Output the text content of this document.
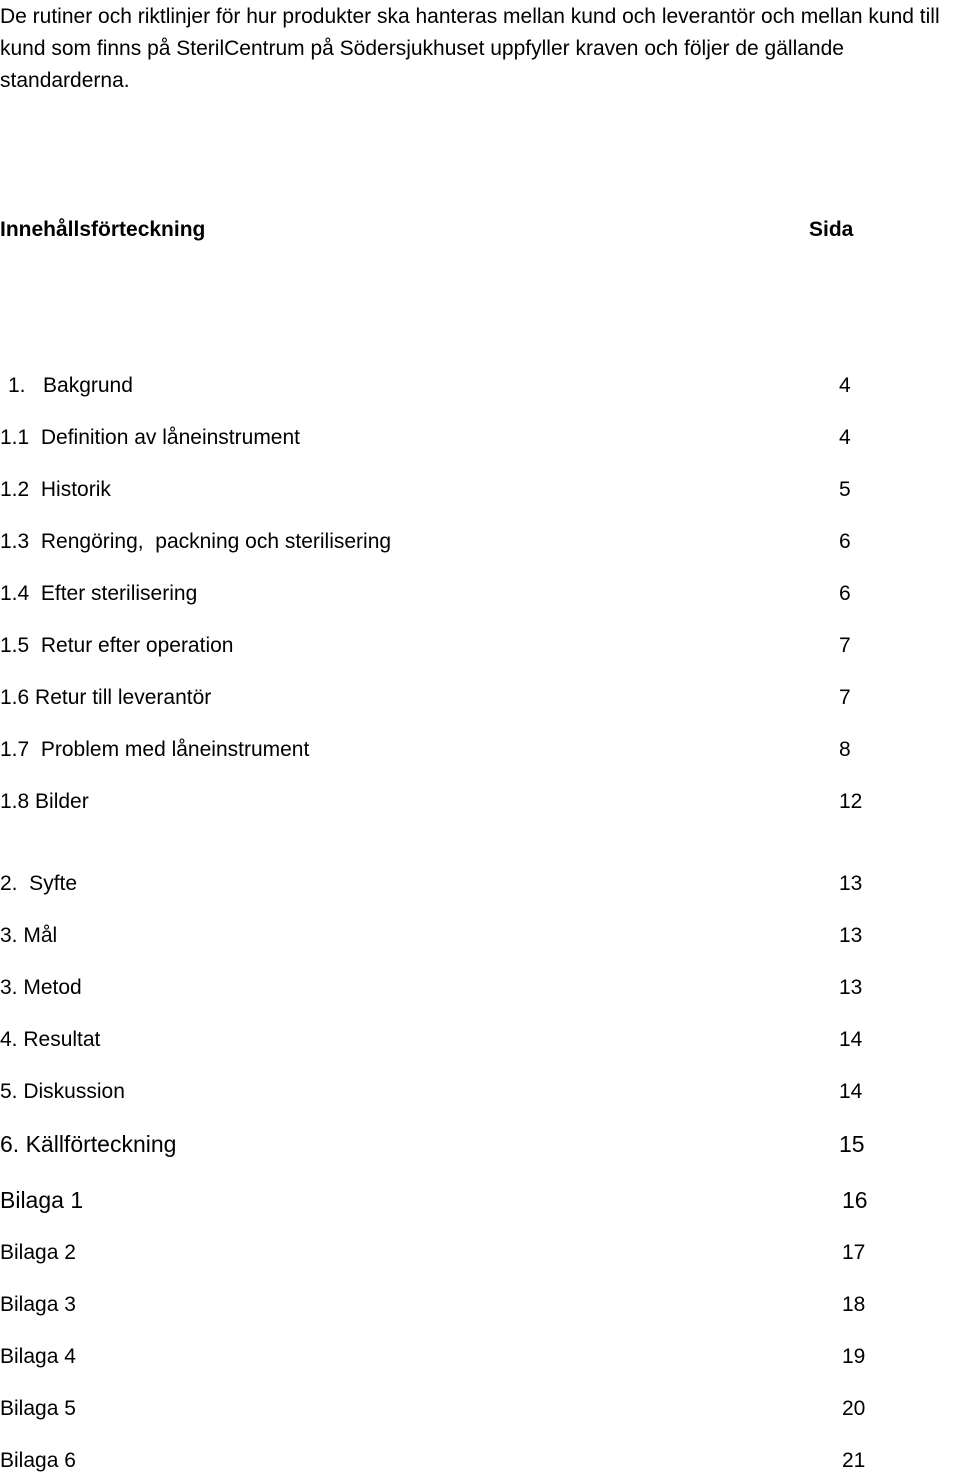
De rutiner och riktlinjer för hur produkter ska hanteras mellan kund och leverantör och mellan kund till kund som finns på SterilCentrum på Södersjukhuset uppfyller kraven och följer de gällande standarderna.

Innehållsförteckning	Sida
1.   Bakgrund	4
1.1  Definition av låneinstrument	4
1.2  Historik	5
1.3  Rengöring,  packning och sterilisering	6
1.4  Efter sterilisering	6
1.5  Retur efter operation	7
1.6 Retur till leverantör	7
1.7  Problem med låneinstrument	8
1.8 Bilder	12
2.  Syfte	13
3. Mål	13
3. Metod	13
4. Resultat	14
5. Diskussion	14
6. Källförteckning	15
Bilaga 1	16
Bilaga 2	17
Bilaga 3	18
Bilaga 4	19
Bilaga 5	20
Bilaga 6	21
